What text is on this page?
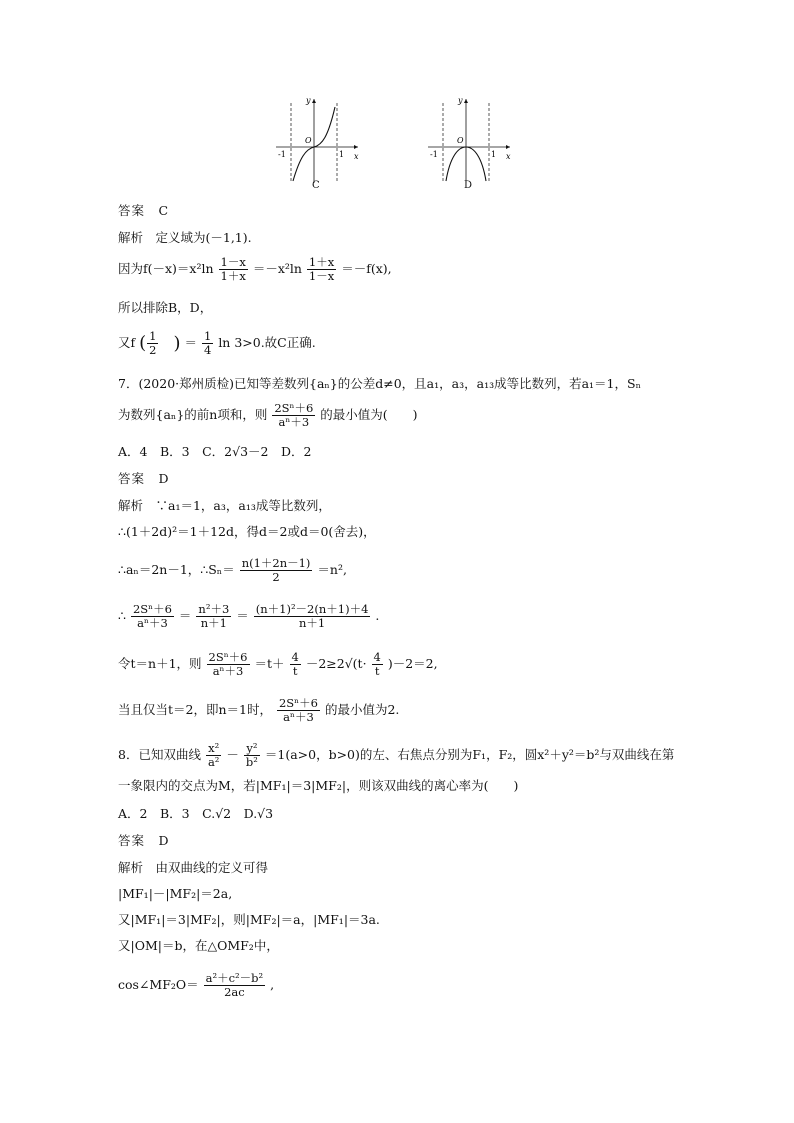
y
x
O
-1	1
C
y
x
O
-1	1
D
答案　C
解析　定义域为(－1,1).
因为$f(-x)=x^2\ln \frac{1-x}{1+x} =-x^2\ln \frac{1+x}{1-x} =-f(x)$,
所以排除B，D，
又f ( $\frac{1}{2}$ ) ＝ $\frac{1}{4}$ ln 3>0.故C正确.
7．(2020·郑州质检)已知等差数列{aₙ}的公差d≠0，且a₁，a₃，a₁₃成等比数列，若a₁＝1，Sₙ
为数列{aₙ}的前n项和，则 $\frac{\text{2Sⁿ＋6}}{\text{aⁿ＋3}}$ 的最小值为(　　)
A．4　B．3　C．2√3－2　D．2
答案　D
解析　∵a₁＝1，a₃，a₁₃成等比数列，
∴(1＋2d)²＝1＋12d，得d＝2或d＝0(舍去)，
∴aₙ＝2n－1，∴Sₙ＝ $\frac{n(1+2n-1)}{2} =n^2$,
∴ $\frac{\text{2Sⁿ＋6}}{\text{aⁿ＋3}} = \frac{\text{n²＋3}}{n+1} = \frac{\text{(n＋1)²－2(n＋1)＋4}}{n+1}$ .
令t＝n＋1，则 $\frac{\text{2Sⁿ＋6}}{\text{aⁿ＋3}} =t+ \frac{4}{t} -2\ge 2√(t\cdot \frac{4}{t} )-2=2$,
当且仅当t＝2，即n＝1时， $\frac{\text{2Sⁿ＋6}}{\text{aⁿ＋3}}$ 的最小值为2.
8．已知双曲线 $\frac{\text{x²}}{\text{a²}} - \frac{\text{y²}}{\text{b²}} =1(a>0$，b>0)的左、右焦点分别为F₁，F₂，圆x²＋y²＝b²与双曲线在第
一象限内的交点为M，若|MF₁|＝3|MF₂|，则该双曲线的离心率为(　　)
A．2　B．3　C.√2　D.√3
答案　D
解析　由双曲线的定义可得
|MF₁|－|MF₂|＝2a,
又|MF₁|＝3|MF₂|，则|MF₂|＝a，|MF₁|＝3a.
又|OM|＝b，在△OMF₂中，
cos∠MF₂O＝ $\frac{\text{a²＋c²－b²}}{2ac}$ ,
